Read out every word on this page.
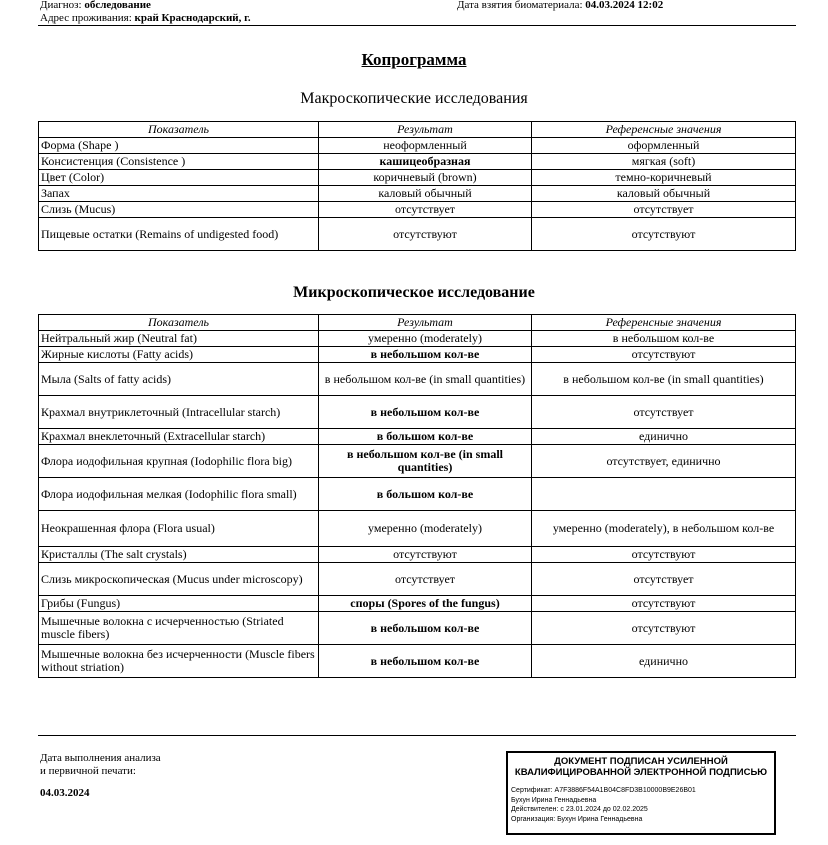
Диагноз: обследование	Дата взятия биоматериала: 04.03.2024 12:02
Адрес проживания: край Краснодарский, г.
Копрограмма
Макроскопические исследования
Показатель	Результат	Референсные значения
Форма (Shape )	неоформленный	оформленный
Консистенция (Consistence )	кашицеобразная	мягкая (soft)
Цвет (Color)	коричневый (brown)	темно-коричневый
Запах	каловый обычный	каловый обычный
Слизь (Mucus)	отсутствует	отсутствует
Пищевые остатки (Remains of undigested food)	отсутствуют	отсутствуют
Микроскопическое исследование
Показатель	Результат	Референсные значения
Нейтральный жир (Neutral fat)	умеренно (moderately)	в небольшом кол-ве
Жирные кислоты (Fatty acids)	в небольшом кол-ве	отсутствуют
Мыла (Salts of fatty acids)	в небольшом кол-ве (in small quantities)	в небольшом кол-ве (in small quantities)
Крахмал внутриклеточный (Intracellular starch)	в небольшом кол-ве	отсутствует
Крахмал внеклеточный (Extracellular starch)	в большом кол-ве	единично
Флора иодофильная крупная (Iodophilic flora big)	в небольшом кол-ве (in small quantities)	отсутствует, единично
Флора иодофильная мелкая (Iodophilic flora small)	в большом кол-ве	
Неокрашенная флора (Flora usual)	умеренно (moderately)	умеренно (moderately), в небольшом кол-ве
Кристаллы (The salt crystals)	отсутствуют	отсутствуют
Слизь микроскопическая (Mucus under microscopy)	отсутствует	отсутствует
Грибы (Fungus)	споры (Spores of the fungus)	отсутствуют
Мышечные волокна с исчерченностью (Striated muscle fibers)	в небольшом кол-ве	отсутствуют
Мышечные волокна без исчерченности (Muscle fibers without striation)	в небольшом кол-ве	единично
Дата выполнения анализа
и первичной печати:
04.03.2024
ДОКУМЕНТ ПОДПИСАН УСИЛЕННОЙ
КВАЛИФИЦИРОВАННОЙ ЭЛЕКТРОННОЙ ПОДПИСЬЮ
Сертификат: A7F3886F54A1B04C8FD3B10000B9E26B01
Бухун Ирина Геннадьевна
Действителен: с 23.01.2024 до 02.02.2025
Организация: Бухун Ирина Геннадьевна
